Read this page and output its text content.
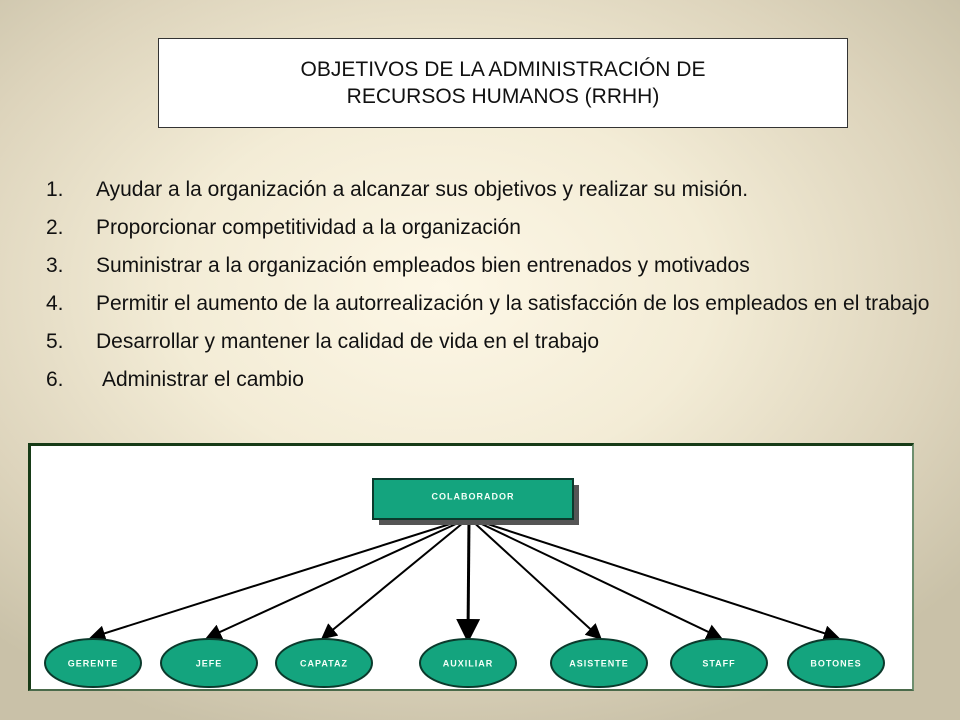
OBJETIVOS DE LA ADMINISTRACIÓN DE
RECURSOS HUMANOS (RRHH)
1.	Ayudar a la organización a alcanzar sus objetivos y realizar su misión.
2.	Proporcionar competitividad a la organización
3.	Suministrar a la organización empleados bien entrenados y motivados
4.	Permitir el aumento de la autorrealización y la satisfacción de los empleados en el trabajo
5.	Desarrollar y mantener la calidad de vida en el trabajo
6.	Administrar el cambio
COLABORADOR
GERENTE	JEFE	CAPATAZ	AUXILIAR	ASISTENTE	STAFF	BOTONES
